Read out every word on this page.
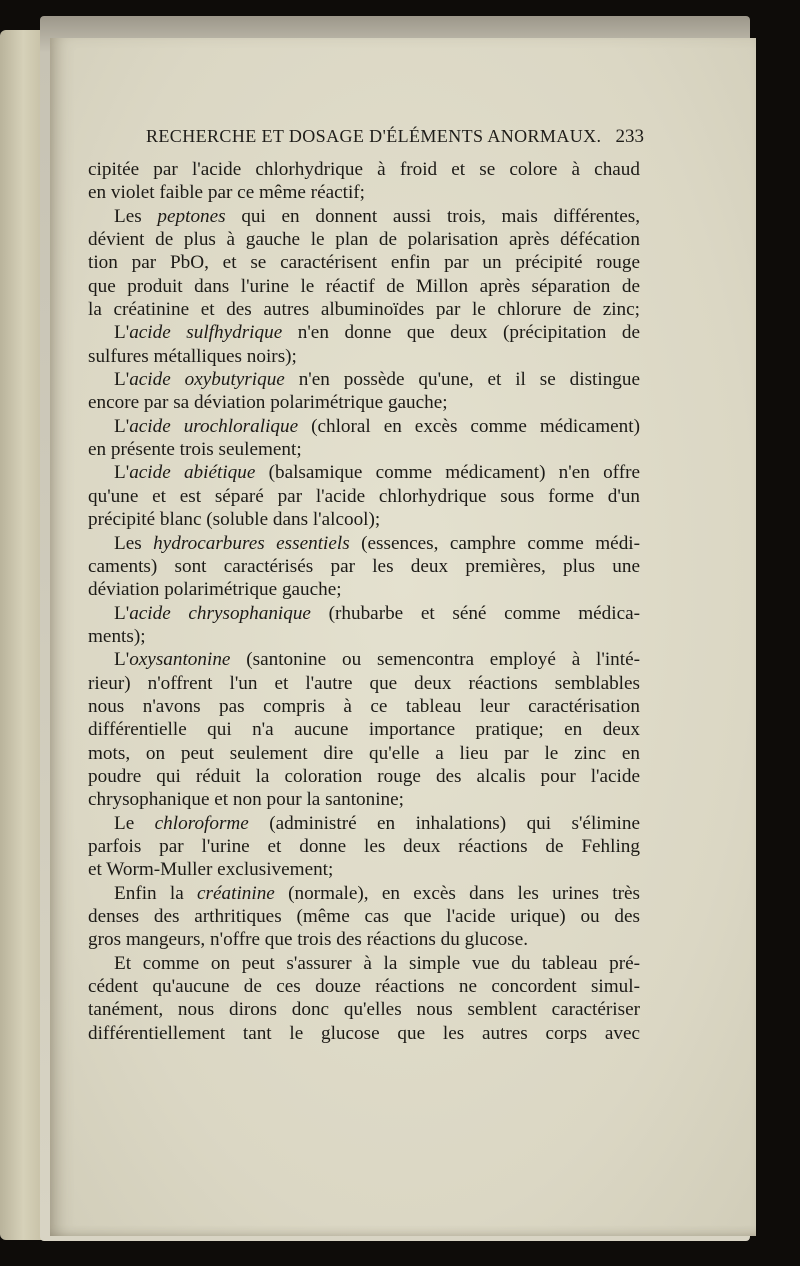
RECHERCHE ET DOSAGE D'ÉLÉMENTS ANORMAUX. 233
cipitée par l'acide chlorhydrique à froid et se colore à chaud
en violet faible par ce même réactif;
Les peptones qui en donnent aussi trois, mais différentes,
dévient de plus à gauche le plan de polarisation après défécation
tion par PbO, et se caractérisent enfin par un précipité rouge
que produit dans l'urine le réactif de Millon après séparation de
la créatinine et des autres albuminoïdes par le chlorure de zinc;
L'acide sulfhydrique n'en donne que deux (précipitation de
sulfures métalliques noirs);
L'acide oxybutyrique n'en possède qu'une, et il se distingue
encore par sa déviation polarimétrique gauche;
L'acide urochloralique (chloral en excès comme médicament)
en présente trois seulement;
L'acide abiétique (balsamique comme médicament) n'en offre
qu'une et est séparé par l'acide chlorhydrique sous forme d'un
précipité blanc (soluble dans l'alcool);
Les hydrocarbures essentiels (essences, camphre comme médi-
caments) sont caractérisés par les deux premières, plus une
déviation polarimétrique gauche;
L'acide chrysophanique (rhubarbe et séné comme médica-
ments);
L'oxysantonine (santonine ou semencontra employé à l'inté-
rieur) n'offrent l'un et l'autre que deux réactions semblables
nous n'avons pas compris à ce tableau leur caractérisation
différentielle qui n'a aucune importance pratique; en deux
mots, on peut seulement dire qu'elle a lieu par le zinc en
poudre qui réduit la coloration rouge des alcalis pour l'acide
chrysophanique et non pour la santonine;
Le chloroforme (administré en inhalations) qui s'élimine
parfois par l'urine et donne les deux réactions de Fehling
et Worm-Muller exclusivement;
Enfin la créatinine (normale), en excès dans les urines très
denses des arthritiques (même cas que l'acide urique) ou des
gros mangeurs, n'offre que trois des réactions du glucose.
Et comme on peut s'assurer à la simple vue du tableau pré-
cédent qu'aucune de ces douze réactions ne concordent simul-
tanément, nous dirons donc qu'elles nous semblent caractériser
différentiellement tant le glucose que les autres corps avec
